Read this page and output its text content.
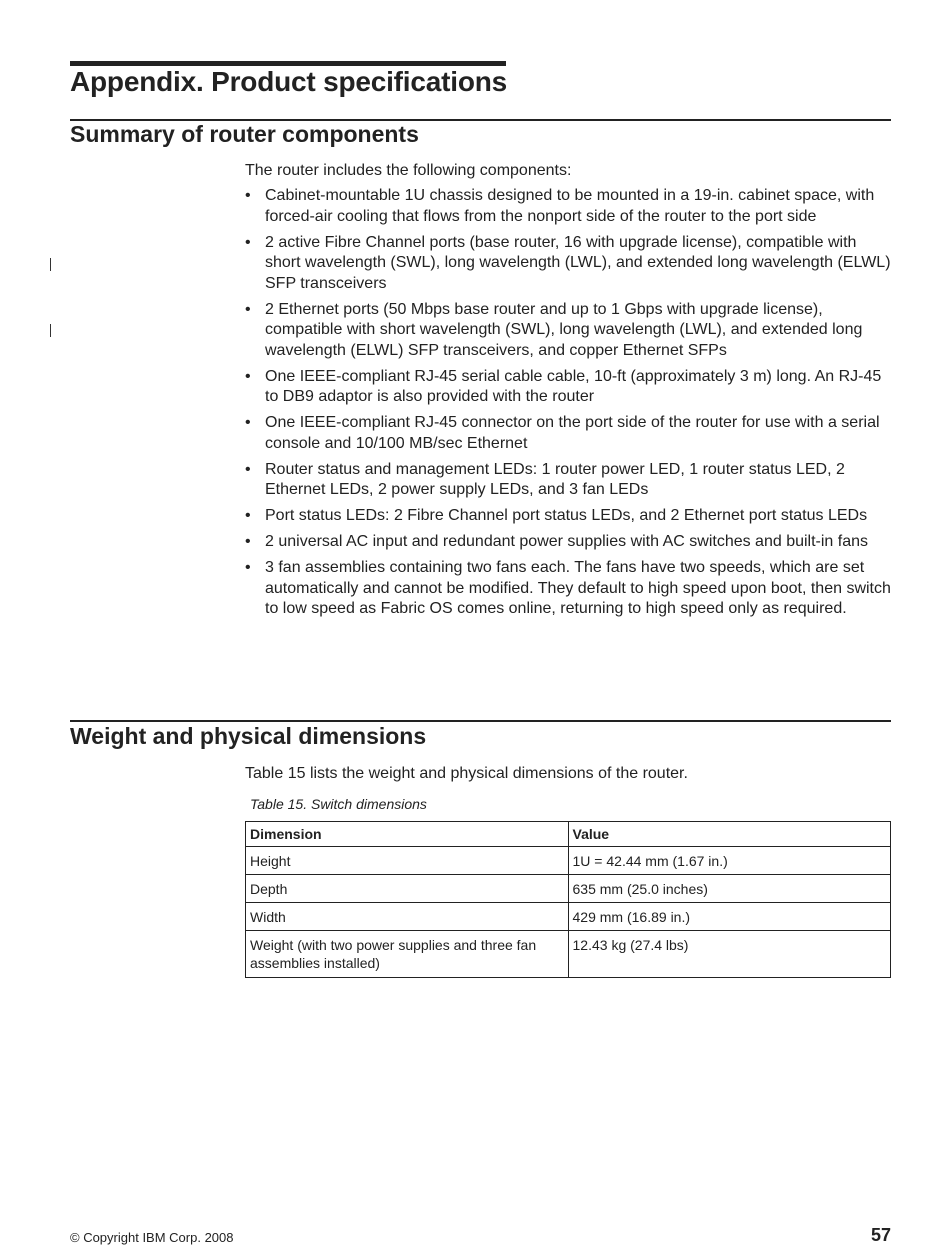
Appendix. Product specifications
Summary of router components

The router includes the following components:

• Cabinet-mountable 1U chassis designed to be mounted in a 19-in. cabinet space, with forced-air cooling that flows from the nonport side of the router to the port side
• 2 active Fibre Channel ports (base router, 16 with upgrade license), compatible with short wavelength (SWL), long wavelength (LWL), and extended long wavelength (ELWL) SFP transceivers
• 2 Ethernet ports (50 Mbps base router and up to 1 Gbps with upgrade license), compatible with short wavelength (SWL), long wavelength (LWL), and extended long wavelength (ELWL) SFP transceivers, and copper Ethernet SFPs
• One IEEE-compliant RJ-45 serial cable cable, 10-ft (approximately 3 m) long. An RJ-45 to DB9 adaptor is also provided with the router
• One IEEE-compliant RJ-45 connector on the port side of the router for use with a serial console and 10/100 MB/sec Ethernet
• Router status and management LEDs: 1 router power LED, 1 router status LED, 2 Ethernet LEDs, 2 power supply LEDs, and 3 fan LEDs
• Port status LEDs: 2 Fibre Channel port status LEDs, and 2 Ethernet port status LEDs
• 2 universal AC input and redundant power supplies with AC switches and built-in fans
• 3 fan assemblies containing two fans each. The fans have two speeds, which are set automatically and cannot be modified. They default to high speed upon boot, then switch to low speed as Fabric OS comes online, returning to high speed only as required.
Weight and physical dimensions

Table 15 lists the weight and physical dimensions of the router.

Table 15. Switch dimensions

Dimension	Value
Height	1U = 42.44 mm (1.67 in.)
Depth	635 mm (25.0 inches)
Width	429 mm (16.89 in.)
Weight (with two power supplies and three fan assemblies installed)	12.43 kg (27.4 lbs)
© Copyright IBM Corp. 2008	57
